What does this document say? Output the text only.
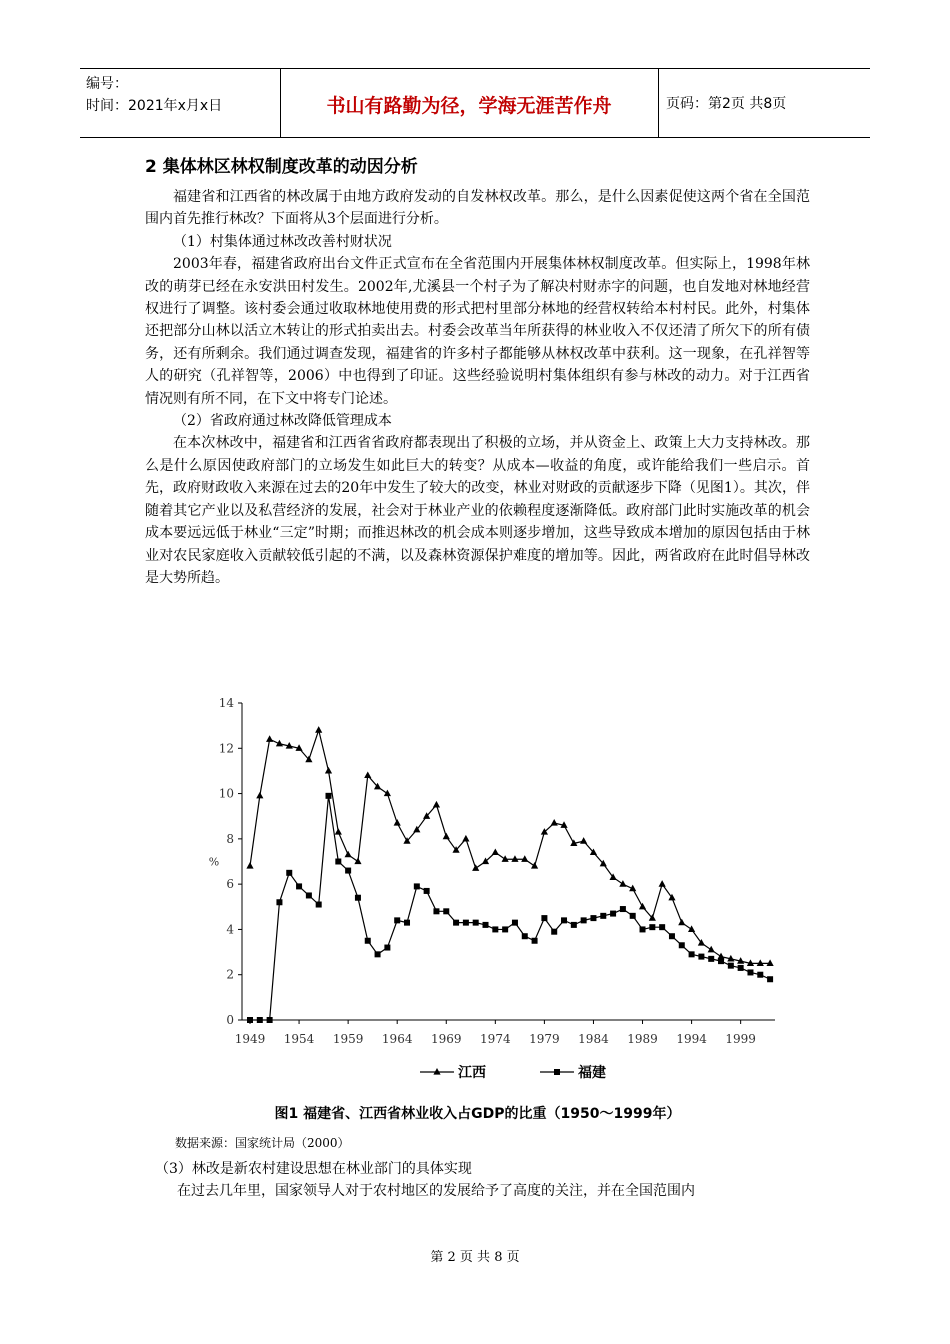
编号：
时间：2021年x月x日	书山有路勤为径，学海无涯苦作舟	页码：第2页 共8页
2 集体林区林权制度改革的动因分析

福建省和江西省的林改属于由地方政府发动的自发林权改革。那么，是什么因素促使这两个省在全国范围内首先推行林改？下面将从3个层面进行分析。

（1）村集体通过林改改善村财状况

2003年春，福建省政府出台文件正式宣布在全省范围内开展集体林权制度改革。但实际上，1998年林改的萌芽已经在永安洪田村发生。2002年,尤溪县一个村子为了解决村财赤字的问题，也自发地对林地经营权进行了调整。该村委会通过收取林地使用费的形式把村里部分林地的经营权转给本村村民。此外，村集体还把部分山林以活立木转让的形式拍卖出去。村委会改革当年所获得的林业收入不仅还清了所欠下的所有债务，还有所剩余。我们通过调查发现，福建省的许多村子都能够从林权改革中获利。这一现象，在孔祥智等人的研究（孔祥智等，2006）中也得到了印证。这些经验说明村集体组织有参与林改的动力。对于江西省情况则有所不同，在下文中将专门论述。

（2）省政府通过林改降低管理成本

在本次林改中，福建省和江西省省政府都表现出了积极的立场，并从资金上、政策上大力支持林改。那么是什么原因使政府部门的立场发生如此巨大的转变？从成本—收益的角度，或许能给我们一些启示。首先，政府财政收入来源在过去的20年中发生了较大的改变，林业对财政的贡献逐步下降（见图1）。其次，伴随着其它产业以及私营经济的发展，社会对于林业产业的依赖程度逐渐降低。政府部门此时实施改革的机会成本要远远低于林业“三定”时期；而推迟林改的机会成本则逐步增加，这些导致成本增加的原因包括由于林业对农民家庭收入贡献较低引起的不满，以及森林资源保护难度的增加等。因此，两省政府在此时倡导林改是大势所趋。

0
2
4
6
8
10
12
14
%
1949 1954 1959 1964 1969 1974 1979 1984 1989 1994 1999
江西	福建
图1 福建省、江西省林业收入占GDP的比重（1950～1999年）
数据来源：国家统计局（2000）

（3）林改是新农村建设思想在林业部门的具体实现

在过去几年里，国家领导人对于农村地区的发展给予了高度的关注，并在全国范围内

第 2 页 共 8 页
